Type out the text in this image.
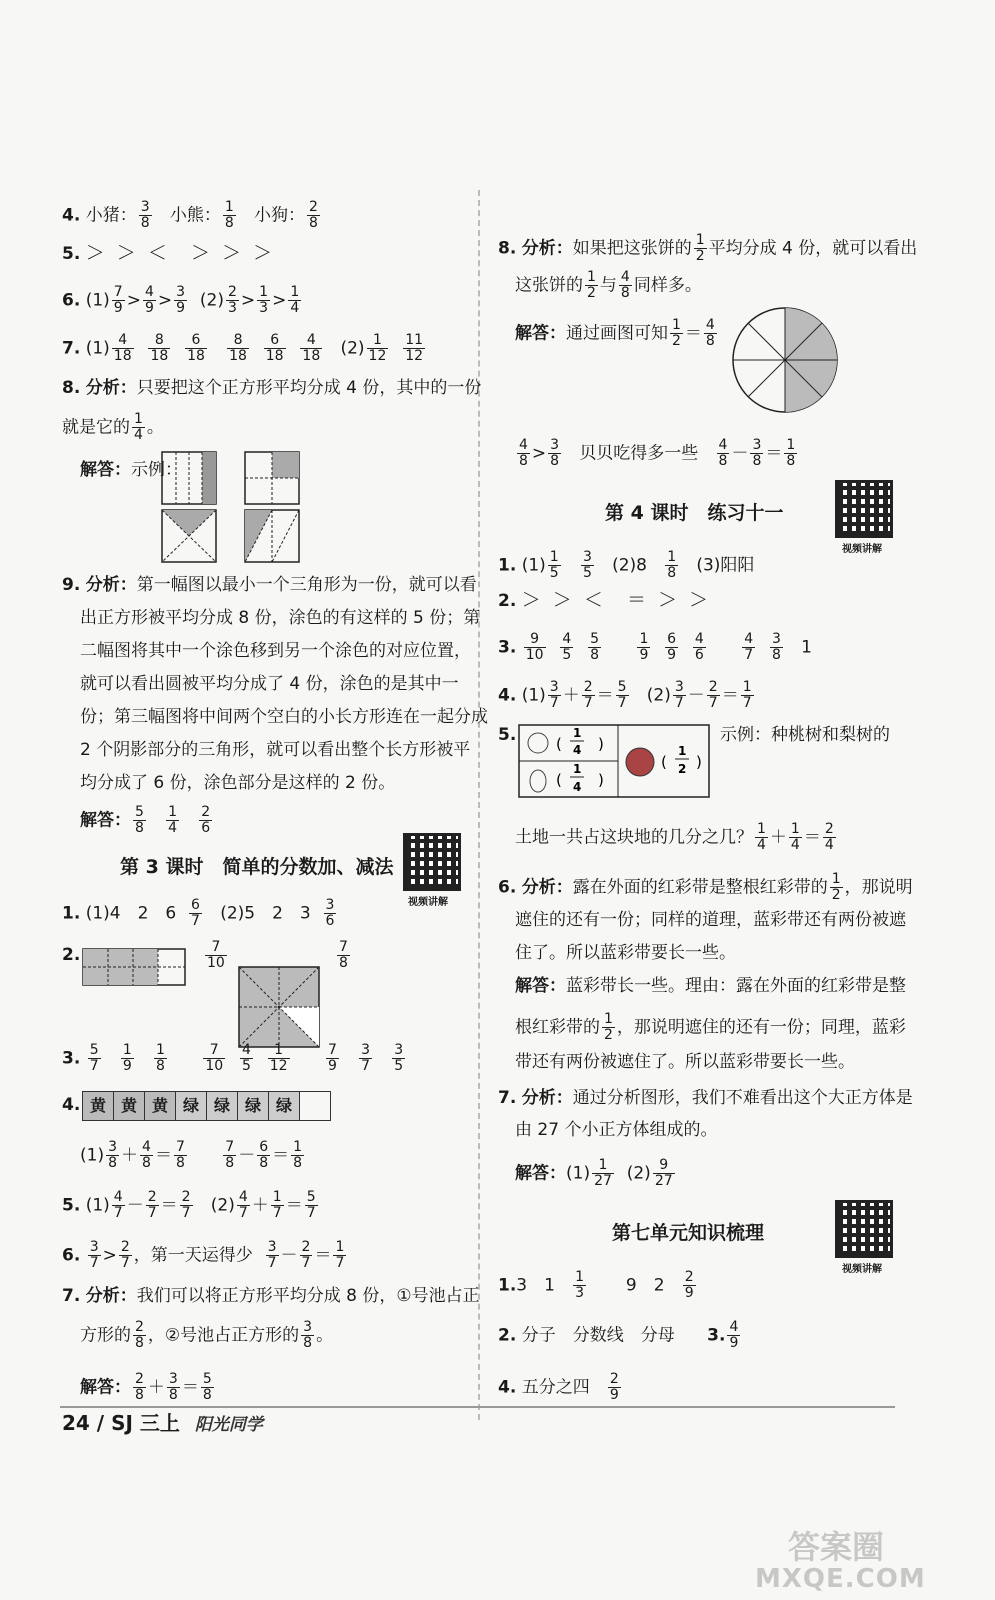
4. 小猪： $\frac{3}{8}$ 小熊： $\frac{1}{8}$ 小狗： $\frac{2}{8}$
5. ＞  ＞  ＜    ＞  ＞  ＞
6. $(1) \frac{7}{9} > \frac{4}{9} > \frac{3}{9} (2) \frac{2}{3} > \frac{1}{3} > \frac{1}{4}$
7. $(1) \frac{4}{18}$
$\frac{8}{18}$
$\frac{6}{18}$
$\frac{8}{18}$
$\frac{6}{18}$
$\frac{4}{18} (2) \frac{1}{12}$
$\frac{11}{12}$
8. 分析：只要把这个正方形平均分成 4 份，其中的一份
就是它的 $\frac{1}{4}$ 。
解答：示例：
9. 分析：第一幅图以最小一个三角形为一份，就可以看
出正方形被平均分成 8 份，涂色的有这样的 5 份；第
二幅图将其中一个涂色移到另一个涂色的对应位置，
就可以看出圆被平均分成了 4 份，涂色的是其中一
份；第三幅图将中间两个空白的小长方形连在一起分成
2 个阴影部分的三角形，就可以看出整个长方形被平
均分成了 6 份，涂色部分是这样的 2 份。
解答： $\frac{5}{8}$
$\frac{1}{4}$
$\frac{2}{6}$
第 3 课时　简单的分数加、减法
视频讲解
1. (1)4　2　$6 \frac{6}{7} (2)5$　2　$3 \frac{3}{6}$
2.	$\frac{7}{10}$	$\frac{7}{8}$
3. $\frac{5}{7}$
$\frac{1}{9}$
$\frac{1}{8}$
	$\frac{7}{10}$
$\frac{4}{5}$
$\frac{1}{12}$
	$\frac{7}{9}$
$\frac{3}{7}$
$\frac{3}{5}$
4. 黄 黄 黄 绿 绿 绿 绿
$(1) \frac{3}{8} + \frac{4}{8} = \frac{7}{8}$
	$\frac{7}{8} - \frac{6}{8} = \frac{1}{8}$
5. $(1) \frac{4}{7} - \frac{2}{7} = \frac{2}{7} (2) \frac{4}{7} + \frac{1}{7} = \frac{5}{7}$
6. $\frac{3}{7} > \frac{2}{7}$ ，第一天运得少 $\frac{3}{7} - \frac{2}{7} = \frac{1}{7}$
7. 分析：我们可以将正方形平均分成 8 份，①号池占正
方形的 $\frac{2}{8}$ ，②号池占正方形的 $\frac{3}{8}$ 。
解答： $\frac{2}{8} + \frac{3}{8} = \frac{5}{8}$
8. 分析：如果把这张饼的 $\frac{1}{2}$ 平均分成 4 份，就可以看出
这张饼的 $\frac{1}{2}$ 与 $\frac{4}{8}$ 同样多。
解答：通过画图可知 $\frac{1}{2} = \frac{4}{8}$
$\frac{4}{8} > \frac{3}{8}$ 贝贝吃得多一些 $\frac{4}{8} - \frac{3}{8} = \frac{1}{8}$
第 4 课时　练习十一
视频讲解
1. $(1) \frac{1}{5}$
$\frac{3}{5} (2)8 \frac{1}{8} (3)$阳阳
2. ＞  ＞  ＜    ＝  ＞  ＞
3. $\frac{9}{10}$
$\frac{4}{5}$
$\frac{5}{8}$
	$\frac{1}{9}$
$\frac{6}{9}$
$\frac{4}{6}$
	$\frac{4}{7}$
$\frac{3}{8} 1$
4. $(1) \frac{3}{7} + \frac{2}{7} = \frac{5}{7} (2) \frac{3}{7} - \frac{2}{7} = \frac{1}{7}$
5.	(
1
4 )
(
1
4 )
(
1
2 )
示例：种桃树和梨树的
土地一共占这块地的几分之几？ $\frac{1}{4} + \frac{1}{4} = \frac{2}{4}$
6. 分析：露在外面的红彩带是整根红彩带的 $\frac{1}{2}$ ，那说明
遮住的还有一份；同样的道理，蓝彩带还有两份被遮
住了。所以蓝彩带要长一些。
解答：蓝彩带长一些。理由：露在外面的红彩带是整
根红彩带的 $\frac{1}{2}$ ，那说明遮住的还有一份；同理，蓝彩
带还有两份被遮住了。所以蓝彩带要长一些。
7. 分析：通过分析图形，我们不难看出这个大正方体是
由 27 个小正方体组成的。
解答：$(1) \frac{1}{27} (2) \frac{9}{27}$
第七单元知识梳理
视频讲解
1.3　$1 \frac{1}{3} 9$　$2 \frac{2}{9}$
2. 分子　分数线　分母 3. $\frac{4}{9}$
4. 五分之四 $\frac{2}{9}$
24 / SJ 三上 阳光同学
答案圈
MXQE.COM
